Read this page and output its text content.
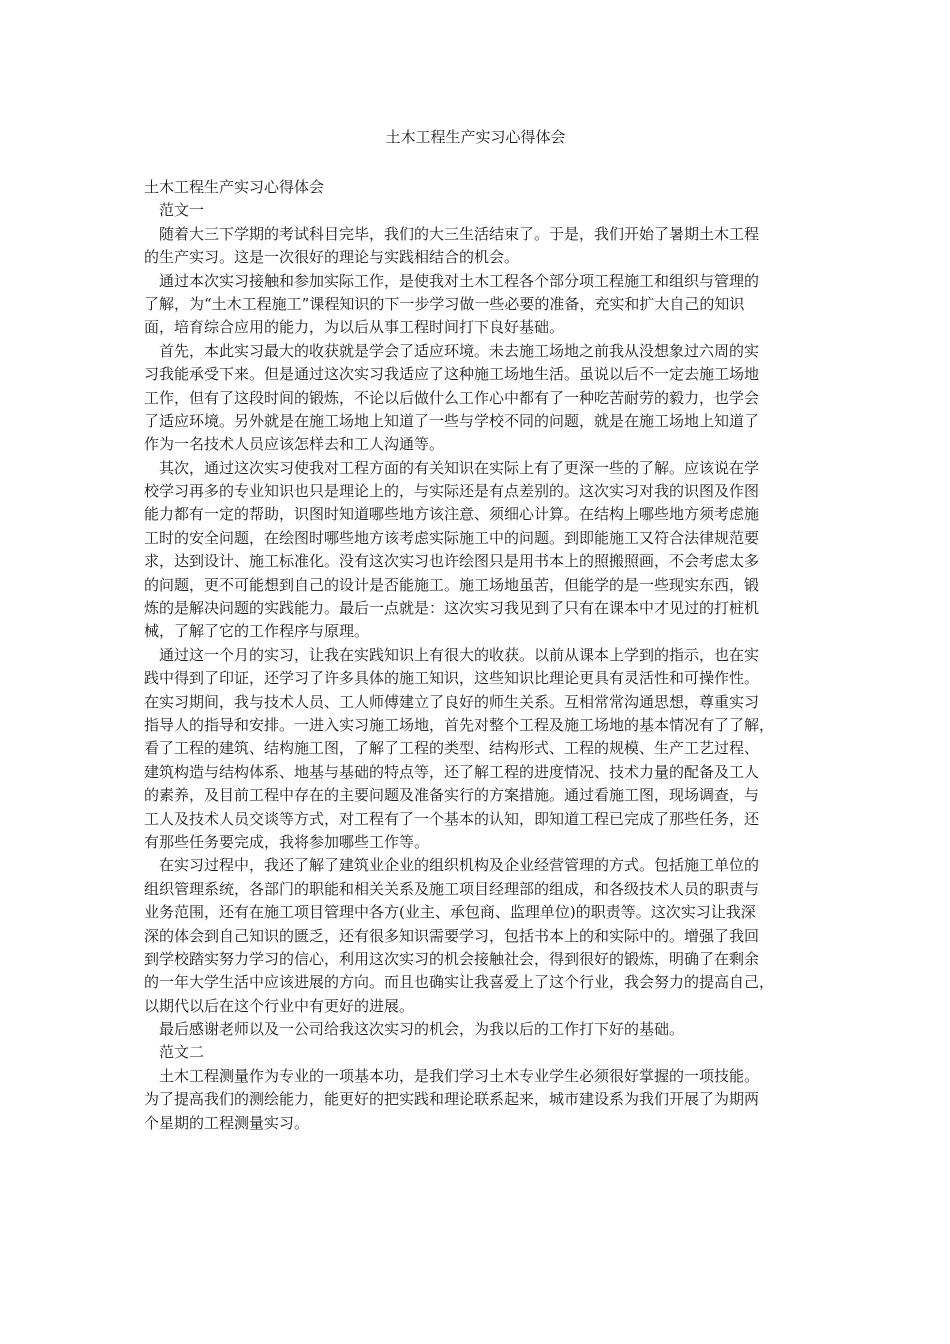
土木工程生产实习心得体会
土木工程生产实习心得体会
范文一
随着大三下学期的考试科目完毕，我们的大三生活结束了。于是，我们开始了暑期土木工程
的生产实习。这是一次很好的理论与实践相结合的机会。
通过本次实习接触和参加实际工作，是使我对土木工程各个部分项工程施工和组织与管理的
了解，为“土木工程施工”课程知识的下一步学习做一些必要的准备，充实和扩大自己的知识
面，培育综合应用的能力，为以后从事工程时间打下良好基础。
首先，本此实习最大的收获就是学会了适应环境。未去施工场地之前我从没想象过六周的实
习我能承受下来。但是通过这次实习我适应了这种施工场地生活。虽说以后不一定去施工场地
工作，但有了这段时间的锻炼，不论以后做什么工作心中都有了一种吃苦耐劳的毅力，也学会
了适应环境。另外就是在施工场地上知道了一些与学校不同的问题，就是在施工场地上知道了
作为一名技术人员应该怎样去和工人沟通等。
其次，通过这次实习使我对工程方面的有关知识在实际上有了更深一些的了解。应该说在学
校学习再多的专业知识也只是理论上的，与实际还是有点差别的。这次实习对我的识图及作图
能力都有一定的帮助，识图时知道哪些地方该注意、须细心计算。在结构上哪些地方须考虑施
工时的安全问题，在绘图时哪些地方该考虑实际施工中的问题。到即能施工又符合法律规范要
求，达到设计、施工标准化。没有这次实习也许绘图只是用书本上的照搬照画，不会考虑太多
的问题，更不可能想到自己的设计是否能施工。施工场地虽苦，但能学的是一些现实东西，锻
炼的是解决问题的实践能力。最后一点就是：这次实习我见到了只有在课本中才见过的打桩机
械，了解了它的工作程序与原理。
通过这一个月的实习，让我在实践知识上有很大的收获。以前从课本上学到的指示，也在实
践中得到了印证，还学习了许多具体的施工知识，这些知识比理论更具有灵活性和可操作性。
在实习期间，我与技术人员、工人师傅建立了良好的师生关系。互相常常沟通思想，尊重实习
指导人的指导和安排。一进入实习施工场地，首先对整个工程及施工场地的基本情况有了了解，
看了工程的建筑、结构施工图，了解了工程的类型、结构形式、工程的规模、生产工艺过程、
建筑构造与结构体系、地基与基础的特点等，还了解工程的进度情况、技术力量的配备及工人
的素养，及目前工程中存在的主要问题及准备实行的方案措施。通过看施工图，现场调查，与
工人及技术人员交谈等方式，对工程有了一个基本的认知，即知道工程已完成了那些任务，还
有那些任务要完成，我将参加哪些工作等。
在实习过程中，我还了解了建筑业企业的组织机构及企业经营管理的方式。包括施工单位的
组织管理系统，各部门的职能和相关关系及施工项目经理部的组成，和各级技术人员的职责与
业务范围，还有在施工项目管理中各方(业主、承包商、监理单位)的职责等。这次实习让我深
深的体会到自己知识的匮乏，还有很多知识需要学习，包括书本上的和实际中的。增强了我回
到学校踏实努力学习的信心，利用这次实习的机会接触社会，得到很好的锻炼，明确了在剩余
的一年大学生活中应该进展的方向。而且也确实让我喜爱上了这个行业，我会努力的提高自己，
以期代以后在这个行业中有更好的进展。
最后感谢老师以及一公司给我这次实习的机会，为我以后的工作打下好的基础。
范文二
土木工程测量作为专业的一项基本功，是我们学习土木专业学生必须很好掌握的一项技能。
为了提高我们的测绘能力，能更好的把实践和理论联系起来，城市建设系为我们开展了为期两
个星期的工程测量实习。
